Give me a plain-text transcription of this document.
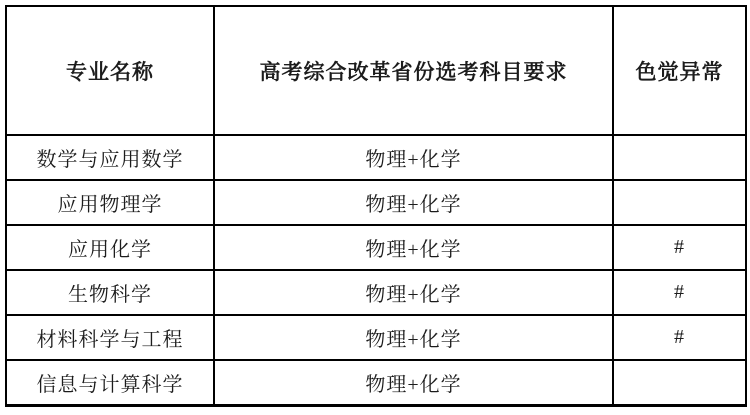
专业名称	高考综合改革省份选考科目要求	色觉异常
数学与应用数学	物理+化学	
应用物理学	物理+化学	
应用化学	物理+化学	#
生物科学	物理+化学	#
材料科学与工程	物理+化学	#
信息与计算科学	物理+化学	
